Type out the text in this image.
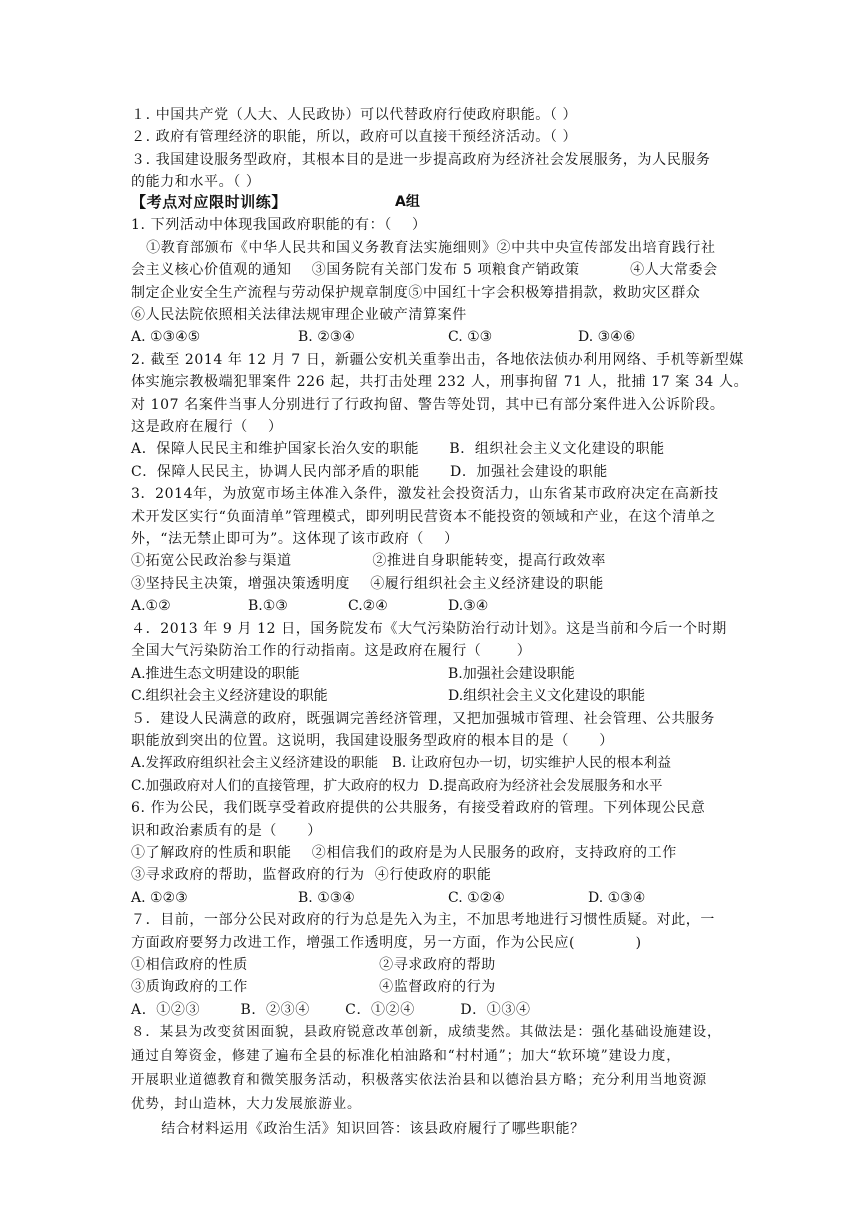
１. 中国共产党（人大、人民政协）可以代替政府行使政府职能。（ ）
２. 政府有管理经济的职能，所以，政府可以直接干预经济活动。（ ）
３. 我国建设服务型政府，其根本目的是进一步提高政府为经济社会发展服务，为人民服务
的能力和水平。（ ）
【考点对应限时训练】	A组
1. 下列活动中体现我国政府职能的有：（    ）
①教育部颁布《中华人民共和国义务教育法实施细则》②中共中央宣传部发出培育践行社
会主义核心价值观的通知    ③国务院有关部门发布 5 项粮食产销政策          ④人大常委会
制定企业安全生产流程与劳动保护规章制度⑤中国红十字会积极筹措捐款，救助灾区群众
⑥人民法院依照相关法律法规审理企业破产清算案件
A. ①③④⑤	B. ②③④	C. ①③	D. ③④⑥
2. 截至 2014 年 12 月 7 日，新疆公安机关重拳出击，各地依法侦办利用网络、手机等新型媒
体实施宗教极端犯罪案件 226 起，共打击处理 232 人，刑事拘留 71 人，批捕 17 案 34 人。
对 107 名案件当事人分别进行了行政拘留、警告等处罚，其中已有部分案件进入公诉阶段。
这是政府在履行（    ）
A．保障人民民主和维护国家长治久安的职能      B．组织社会主义文化建设的职能
C．保障人民民主，协调人民内部矛盾的职能      D．加强社会建设的职能
3．2014年，为放宽市场主体准入条件，激发社会投资活力，山东省某市政府决定在高新技
术开发区实行“负面清单”管理模式，即列明民营资本不能投资的领域和产业，在这个清单之
外，“法无禁止即可为”。这体现了该市政府（    ）
①拓宽公民政治参与渠道                ②推进自身职能转变，提高行政效率
③坚持民主决策，增强决策透明度    ④履行组织社会主义经济建设的职能
A.①②	B.①③	C.②④	D.③④
４．2013 年 9 月 12 日，国务院发布《大气污染防治行动计划》。这是当前和今后一个时期
全国大气污染防治工作的行动指南。这是政府在履行（       ）
A.推进生态文明建设的职能	B.加强社会建设职能
C.组织社会主义经济建设的职能	D.组织社会主义文化建设的职能
５．建设人民满意的政府，既强调完善经济管理，又把加强城市管理、社会管理、公共服务
职能放到突出的位置。这说明，我国建设服务型政府的根本目的是（      ）
A.发挥政府组织社会主义经济建设的职能   B. 让政府包办一切，切实维护人民的根本利益
C.加强政府对人们的直接管理，扩大政府的权力  D.提高政府为经济社会发展服务和水平
6. 作为公民，我们既享受着政府提供的公共服务，有接受着政府的管理。下列体现公民意
识和政治素质有的是（      ）
①了解政府的性质和职能    ②相信我们的政府是为人民服务的政府，支持政府的工作
③寻求政府的帮助，监督政府的行为  ④行使政府的职能
A. ①②③	B. ①③④	C. ①②④	D. ①③④
７．目前，一部分公民对政府的行为总是先入为主，不加思考地进行习惯性质疑。对此，一
方面政府要努力改进工作，增强工作透明度，另一方面，作为公民应(            )
①相信政府的性质                          ②寻求政府的帮助
③质询政府的工作                          ④监督政府的行为
A．①②③        B．②③④       C．①②④         D．①③④
８．某县为改变贫困面貌，县政府锐意改革创新，成绩斐然。其做法是：强化基础设施建设，
通过自筹资金，修建了遍布全县的标准化柏油路和“村村通”；加大“软环境”建设力度，
开展职业道德教育和微笑服务活动，积极落实依法治县和以德治县方略；充分利用当地资源
优势，封山造林，大力发展旅游业。
结合材料运用《政治生活》知识回答：该县政府履行了哪些职能？
